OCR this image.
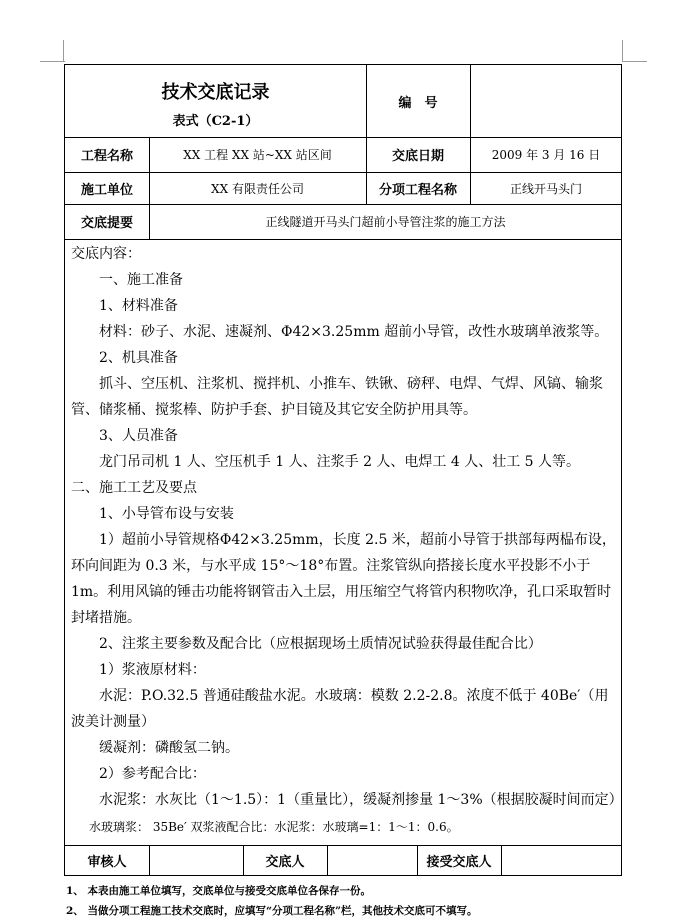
技术交底记录
表式（C2-1）
编　号
工程名称	XX 工程 XX 站~XX 站区间	交底日期	2009 年 3 月 16 日
施工单位	XX 有限责任公司	分项工程名称	正线开马头门
交底提要	正线隧道开马头门超前小导管注浆的施工方法
交底内容：
一、施工准备
1、材料准备
材料：砂子、水泥、速凝剂、Φ42×3.25mm 超前小导管，改性水玻璃单液浆等。
2、机具准备
抓斗、空压机、注浆机、搅拌机、小推车、铁锹、磅秤、电焊、气焊、风镐、输浆
管、储浆桶、搅浆棒、防护手套、护目镜及其它安全防护用具等。
3、人员准备
龙门吊司机 1 人、空压机手 1 人、注浆手 2 人、电焊工 4 人、壮工 5 人等。
二、施工工艺及要点
1、小导管布设与安装
1）超前小导管规格Φ42×3.25mm，长度 2.5 米，超前小导管于拱部每两榀布设，
环向间距为 0.3 米，与水平成 15°～18°布置。注浆管纵向搭接长度水平投影不小于
1m。利用风镐的锤击功能将钢管击入土层，用压缩空气将管内积物吹净，孔口采取暂时
封堵措施。
2、注浆主要参数及配合比（应根据现场土质情况试验获得最佳配合比）
1）浆液原材料：
水泥：P.O.32.5 普通硅酸盐水泥。水玻璃：模数 2.2-2.8。浓度不低于 40Be′（用
波美计测量）
缓凝剂：磷酸氢二钠。
2）参考配合比：
水泥浆：水灰比（1～1.5）：1（重量比），缓凝剂掺量 1～3%（根据胶凝时间而定）
水玻璃浆： 35Be′ 双浆液配合比：水泥浆：水玻璃=1：1～1：0.6。
审核人	交底人	接受交底人
1、 本表由施工单位填写，交底单位与接受交底单位各保存一份。
2、 当做分项工程施工技术交底时，应填写“分项工程名称”栏，其他技术交底可不填写。
